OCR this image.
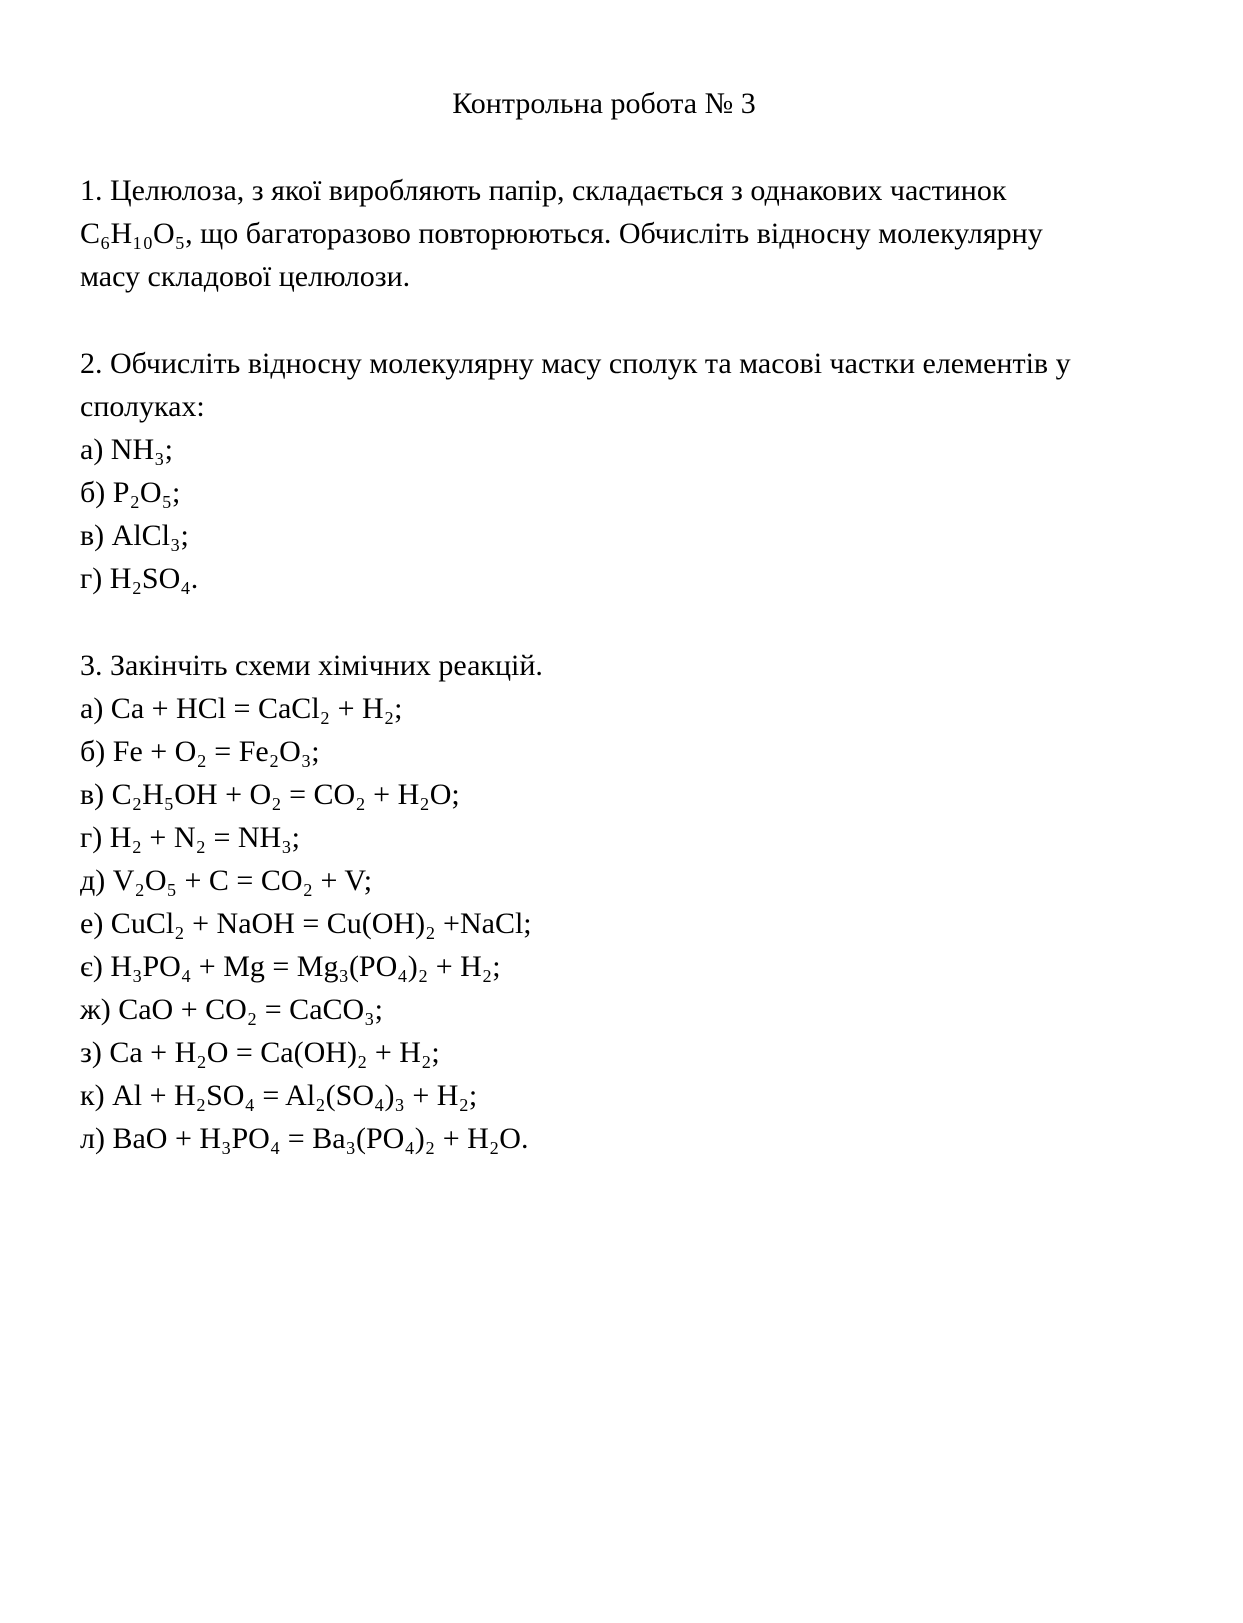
Контрольна робота № 3

1. Целюлоза, з якої виробляють папір, складається з однакових частинок C₆H₁₀O₅, що багаторазово повторюються. Обчисліть відносну молекулярну масу складової целюлози.

2. Обчисліть відносну молекулярну масу сполук та масові частки елементів у сполуках:

а) NH₃;
б) P₂O₅;
в) AlCl₃;
г) H₂SO₄.

3. Закінчіть схеми хімічних реакцій.

а) Ca + HCl = CaCl₂ + H₂;
б) Fe + O₂ = Fe₂O₃;
в) C₂H₅OH + O₂ = CO₂ + H₂O;
г) H₂ + N₂ = NH₃;
д) V₂O₅ + C = CO₂ + V;
е) CuCl₂ + NaOH = Cu(OH)₂ +NaCl;
є) H₃PO₄ + Mg = Mg₃(PO₄)₂ + H₂;
ж) CaO + CO₂ = CaCO₃;
з) Ca + H₂O = Ca(OH)₂ + H₂;
к) Al + H₂SO₄ = Al₂(SO₄)₃ + H₂;
л) BaO + H₃PO₄ = Ba₃(PO₄)₂ + H₂O.
